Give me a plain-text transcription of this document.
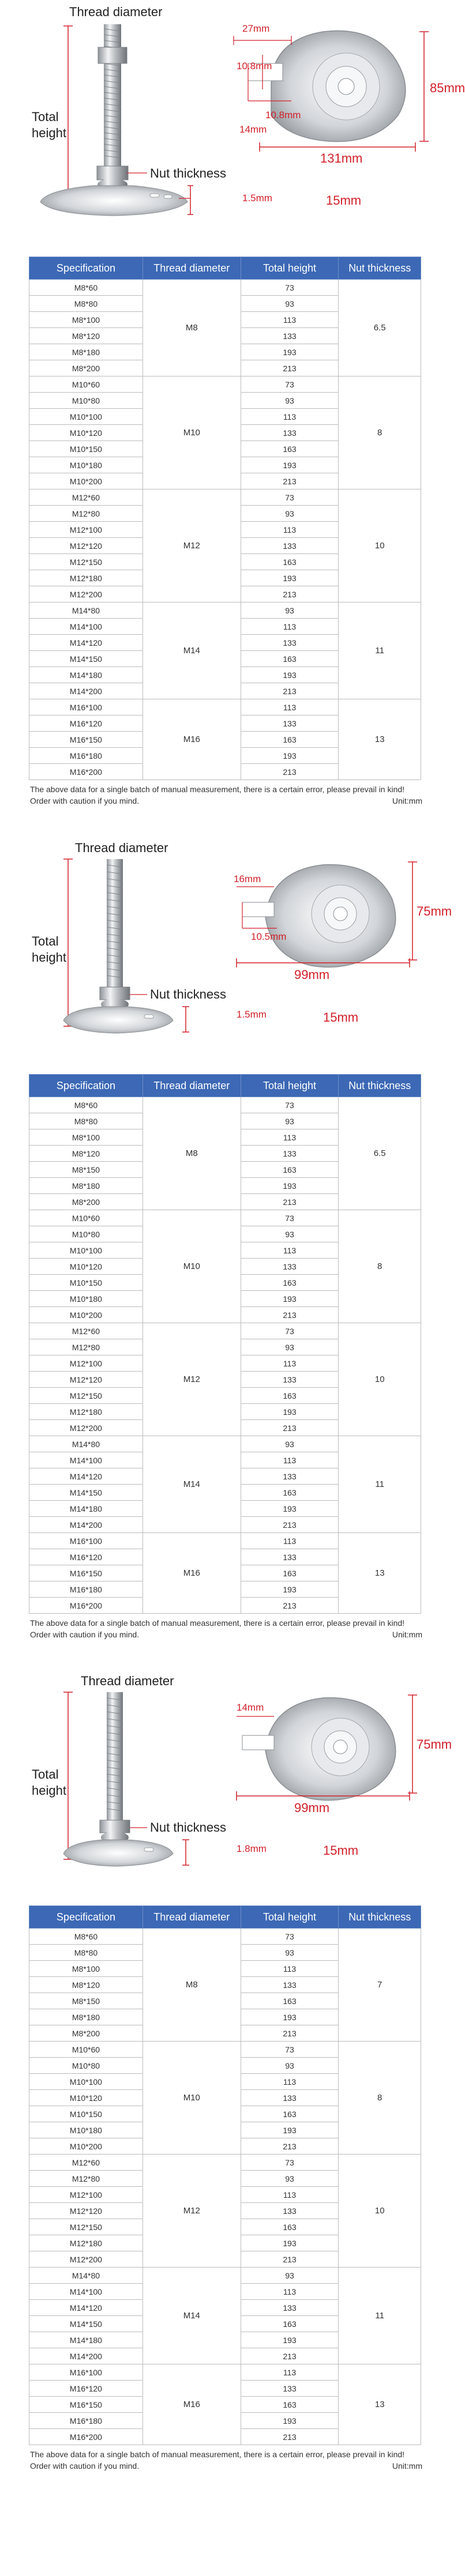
Thread diameter
Total
height
Nut thickness
1.5mm
131mm
85mm
27mm
10.8mm
10.8mm
14mm
15mm
Specification	Thread diameter	Total height	Nut thickness
M8*60	M8	73	6.5
M8*80		93	
M8*100		113	
M8*120		133	
M8*180		193	
M8*200		213	
M10*60	M10	73	8
M10*80		93	
M10*100		113	
M10*120		133	
M10*150		163	
M10*180		193	
M10*200		213	
M12*60	M12	73	10
M12*80		93	
M12*100		113	
M12*120		133	
M12*150		163	
M12*180		193	
M12*200		213	
M14*80	M14	93	11
M14*100		113	
M14*120		133	
M14*150		163	
M14*180		193	
M14*200		213	
M16*100	M16	113	13
M16*120		133	
M16*150		163	
M16*180		193	
M16*200		213	
The above data for a single batch of manual measurement, there is a certain error, please prevail in kind! Order with caution if you mind.	Unit:mm
Thread diameter
Total
height
Nut thickness
1.5mm
99mm
75mm
16mm
10.5mm
15mm
Specification	Thread diameter	Total height	Nut thickness
M8*60	M8	73	6.5
M8*80		93	
M8*100		113	
M8*120		133	
M8*150		163	
M8*180		193	
M8*200		213	
M10*60	M10	73	8
M10*80		93	
M10*100		113	
M10*120		133	
M10*150		163	
M10*180		193	
M10*200		213	
M12*60	M12	73	10
M12*80		93	
M12*100		113	
M12*120		133	
M12*150		163	
M12*180		193	
M12*200		213	
M14*80	M14	93	11
M14*100		113	
M14*120		133	
M14*150		163	
M14*180		193	
M14*200		213	
M16*100	M16	113	13
M16*120		133	
M16*150		163	
M16*180		193	
M16*200		213	
The above data for a single batch of manual measurement, there is a certain error, please prevail in kind! Order with caution if you mind.	Unit:mm
Thread diameter
Total
height
Nut thickness
1.8mm
99mm
75mm
14mm
15mm
Specification	Thread diameter	Total height	Nut thickness
M8*60	M8	73	7
M8*80		93	
M8*100		113	
M8*120		133	
M8*150		163	
M8*180		193	
M8*200		213	
M10*60	M10	73	8
M10*80		93	
M10*100		113	
M10*120		133	
M10*150		163	
M10*180		193	
M10*200		213	
M12*60	M12	73	10
M12*80		93	
M12*100		113	
M12*120		133	
M12*150		163	
M12*180		193	
M12*200		213	
M14*80	M14	93	11
M14*100		113	
M14*120		133	
M14*150		163	
M14*180		193	
M14*200		213	
M16*100	M16	113	13
M16*120		133	
M16*150		163	
M16*180		193	
M16*200		213	
The above data for a single batch of manual measurement, there is a certain error, please prevail in kind! Order with caution if you mind.	Unit:mm
